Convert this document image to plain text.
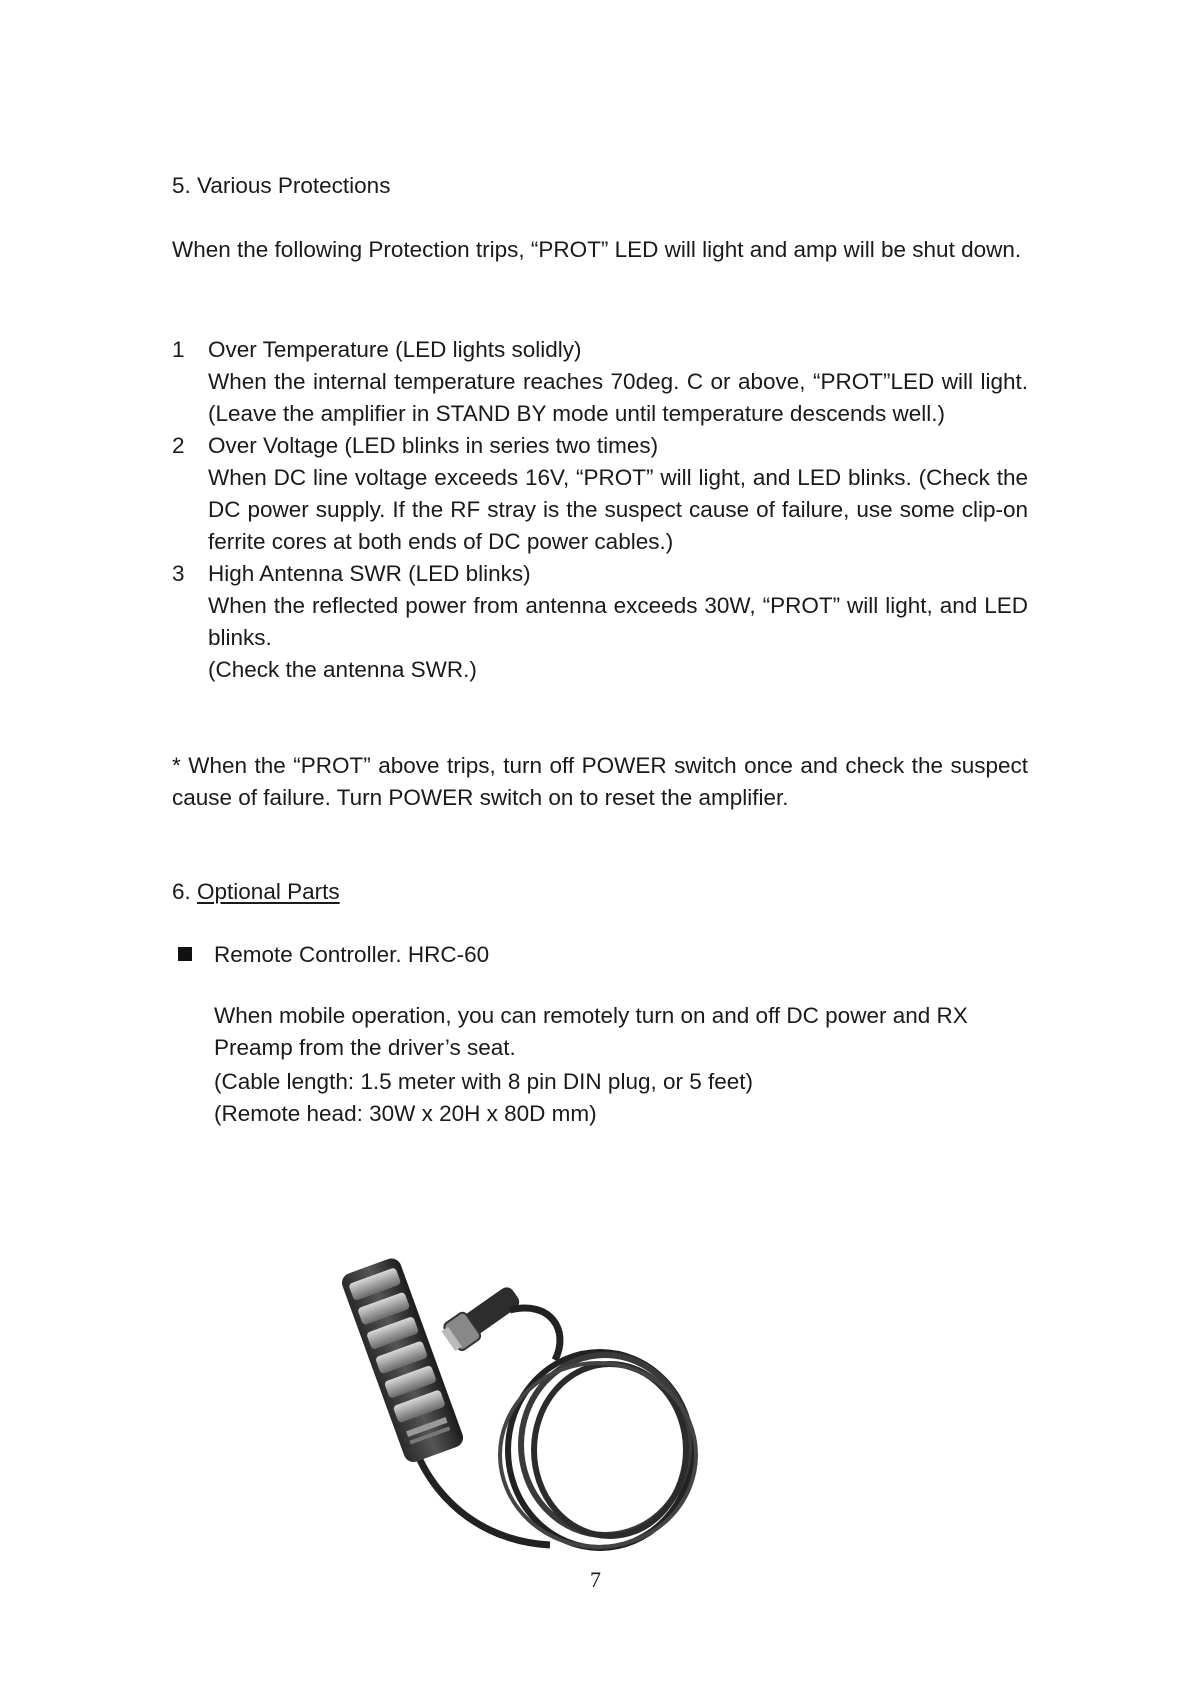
5. Various Protections

When the following Protection trips, “PROT” LED will light and amp will be shut down.

1 Over Temperature (LED lights solidly)
When the internal temperature reaches 70deg. C or above, “PROT”LED will light. (Leave the amplifier in STAND BY mode until temperature descends well.)
2 Over Voltage (LED blinks in series two times)
When DC line voltage exceeds 16V, “PROT” will light, and LED blinks. (Check the DC power supply. If the RF stray is the suspect cause of failure, use some clip-on ferrite cores at both ends of DC power cables.)
3 High Antenna SWR (LED blinks)
When the reflected power from antenna exceeds 30W, “PROT” will light, and LED blinks.
(Check the antenna SWR.)

* When the “PROT” above trips, turn off POWER switch once and check the suspect cause of failure. Turn POWER switch on to reset the amplifier.

6. Optional Parts

Remote Controller. HRC-60
When mobile operation, you can remotely turn on and off DC power and RX Preamp from the driver’s seat.
(Cable length: 1.5 meter with 8 pin DIN plug, or 5 feet)
(Remote head: 30W x 20H x 80D mm)
7
